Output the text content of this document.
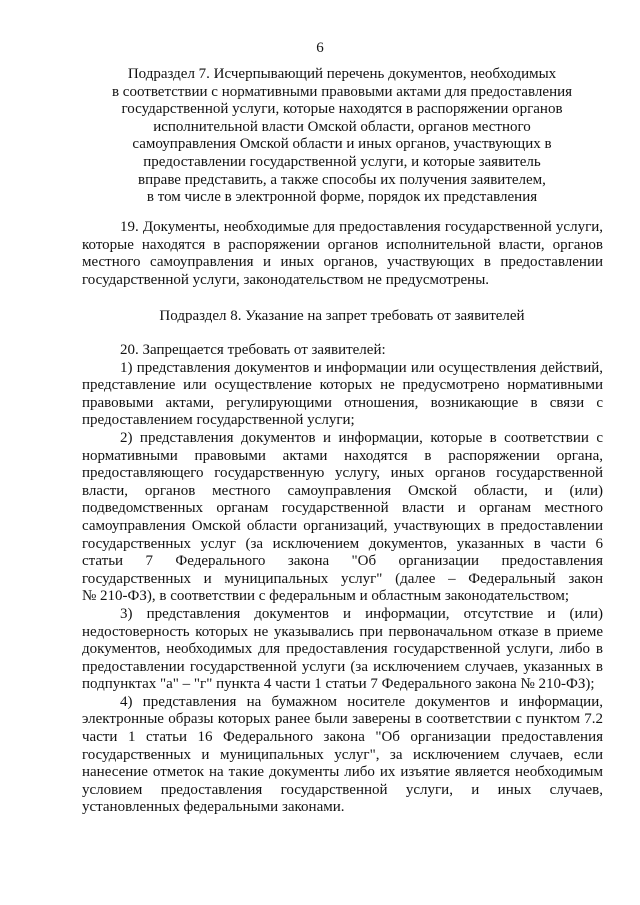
6
Подраздел 7. Исчерпывающий перечень документов, необходимых
в соответствии с нормативными правовыми актами для предоставления
государственной услуги, которые находятся в распоряжении органов
исполнительной власти Омской области, органов местного
самоуправления Омской области и иных органов, участвующих в
предоставлении государственной услуги, и которые заявитель
вправе представить, а также способы их получения заявителем,
в том числе в электронной форме, порядок их представления
19. Документы, необходимые для предоставления государственной услуги,
которые находятся в распоряжении органов исполнительной власти, органов
местного самоуправления и иных органов, участвующих в предоставлении
государственной услуги, законодательством не предусмотрены.
Подраздел 8. Указание на запрет требовать от заявителей
20. Запрещается требовать от заявителей:
1) представления документов и информации или осуществления действий,
представление или осуществление которых не предусмотрено нормативными
правовыми актами, регулирующими отношения, возникающие в связи с
предоставлением государственной услуги;
2) представления документов и информации, которые в соответствии с
нормативными правовыми актами находятся в распоряжении органа,
предоставляющего государственную услугу, иных органов государственной
власти, органов местного самоуправления Омской области, и (или)
подведомственных органам государственной власти и органам местного
самоуправления Омской области организаций, участвующих в предоставлении
государственных услуг (за исключением документов, указанных в части 6
статьи 7 Федерального закона "Об организации предоставления
государственных и муниципальных услуг" (далее – Федеральный закон
№ 210-ФЗ), в соответствии с федеральным и областным законодательством;
3) представления документов и информации, отсутствие и (или)
недостоверность которых не указывались при первоначальном отказе в приеме
документов, необходимых для предоставления государственной услуги, либо в
предоставлении государственной услуги (за исключением случаев, указанных в
подпунктах "а" – "г" пункта 4 части 1 статьи 7 Федерального закона № 210-ФЗ);
4) представления на бумажном носителе документов и информации,
электронные образы которых ранее были заверены в соответствии с пунктом 7.2
части 1 статьи 16 Федерального закона "Об организации предоставления
государственных и муниципальных услуг", за исключением случаев, если
нанесение отметок на такие документы либо их изъятие является необходимым
условием предоставления государственной услуги, и иных случаев,
установленных федеральными законами.
